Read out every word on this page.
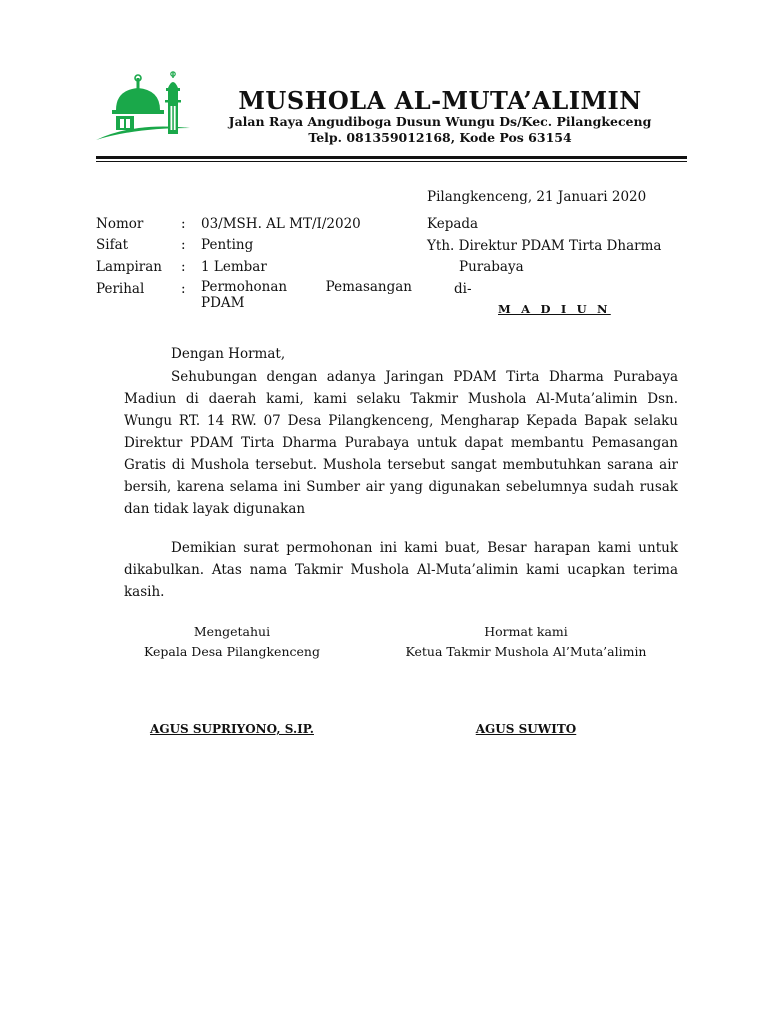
MUSHOLA AL-MUTA’ALIMIN
Jalan Raya Angudiboga Dusun Wungu Ds/Kec. Pilangkeceng
Telp. 081359012168, Kode Pos 63154
Pilangkenceng, 21 Januari 2020
Nomor	: 03/MSH. AL MT/I/2020
Sifat	: Penting
Lampiran : 1 Lembar
Perihal	: Permohonan	Pemasangan
PDAM
Kepada
Yth. Direktur PDAM Tirta Dharma
Purabaya
di-
M A D I U N
Dengan Hormat,
Sehubungan dengan adanya Jaringan PDAM Tirta Dharma Purabaya Madiun di daerah kami, kami selaku Takmir Mushola Al-Muta’alimin Dsn. Wungu RT. 14 RW. 07 Desa Pilangkenceng, Mengharap Kepada Bapak selaku Direktur PDAM Tirta Dharma Purabaya untuk dapat membantu Pemasangan Gratis di Mushola tersebut. Mushola tersebut sangat membutuhkan sarana air bersih, karena selama ini Sumber air yang digunakan sebelumnya sudah rusak dan tidak layak digunakan
Demikian surat permohonan ini kami buat, Besar harapan kami untuk dikabulkan. Atas nama Takmir Mushola Al-Muta’alimin kami ucapkan terima kasih.
Mengetahui
Kepala Desa Pilangkenceng
Hormat kami
Ketua Takmir Mushola Al’Muta’alimin
AGUS SUPRIYONO, S.IP.	AGUS SUWITO
